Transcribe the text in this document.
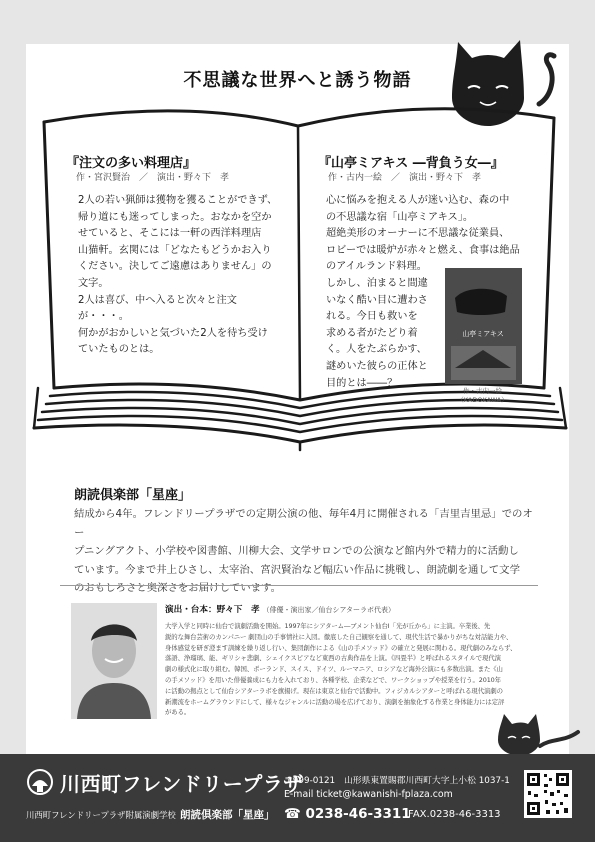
不思議な世界へと誘う物語
『注文の多い料理店』
作・宮沢賢治　／　演出・野々下　孝
2人の若い猟師は獲物を獲ることができず、
帰り道にも迷ってしまった。おなかを空か
せていると、そこには一軒の西洋料理店
山猫軒。玄関には「どなたもどうかお入り
ください。決してご遠慮はありません」の
文字。
2人は喜び、中へ入ると次々と注文が・・・。
何かがおかしいと気づいた2人を待ち受け
ていたものとは。
『山亭ミアキス ―背負う女―』
作・古内一絵　／　演出・野々下　孝
心に悩みを抱える人が迷い込む、森の中
の不思議な宿「山亭ミアキス」。
超絶美形のオーナーに不思議な従業員、
ロビーでは暖炉が赤々と燃え、食事は絶品
のアイルランド料理。
しかし、泊まると間違
いなく酷い目に遭わさ
れる。今日も救いを
求める者がたどり着
く。人をたぶらかす、
謎めいた彼らの正体と
目的とは――？
山亭ミアキス
作・古内一絵
（KADOKAWA）
朗読倶楽部「星座」
結成から4年。フレンドリープラザでの定期公演の他、毎年4月に開催される「吉里吉里忌」でのオー
プニングアクト、小学校や図書館、川柳大会、文学サロンでの公演など館内外で精力的に活動し
ています。今まで井上ひさし、太宰治、宮沢賢治など幅広い作品に挑戦し、朗読劇を通して文学
のおもしろさと奥深さをお届けしています。
演出・台本：野々下　孝 （俳優・演出家／仙台シアターラボ代表）
大学入学と同時に仙台で演劇活動を開始。1997年にシアターム―ブメント仙台Ⅰ「光が丘から」に主演。卒業後、先
鋭的な舞台芸術のカンパニー 劇団山の手事情社に入団。徹底した自己観察を通して、現代生活で暴かりがちな対話能力や、
身体感覚を研ぎ澄ます訓練を繰り返し行い、集団創作による《山の手メソッド》の確立と発展に関わる。現代劇のみならず、
落語、浄瑠璃、能、ギリシャ悲劇、シェイクスピアなど東西の古典作品を上演。《四畳半》と呼ばれるスタイルで現代演
劇の様式化に取り組む。韓国、ポーランド、スイス、ドイツ、ルーマニア、ロシアなど海外公演にも多数出演。また《山
の手メソッド》を用いた俳優養成にも力を入れており、各種学校、企業などで、ワークショップや授業を行う。2010年
に活動の拠点として仙台シアターラボを旗揚げ。現在は東京と仙台で活動中。フィジカルシアターと呼ばれる現代演劇の
新潮流をホームグラウンドにして、様々なジャンルに活動の場を広げており、演劇を抽象化する作業と身体能力には定評
がある。
川西町フレンドリープラザ
川西町フレンドリープラザ附属演劇学校 朗読倶楽部「星座」
〒999-0121　山形県東置賜郡川西町大字上小松 1037-1
E-mail ticket@kawanishi-fplaza.com
☎ 0238-46-3311
FAX.0238-46-3313
